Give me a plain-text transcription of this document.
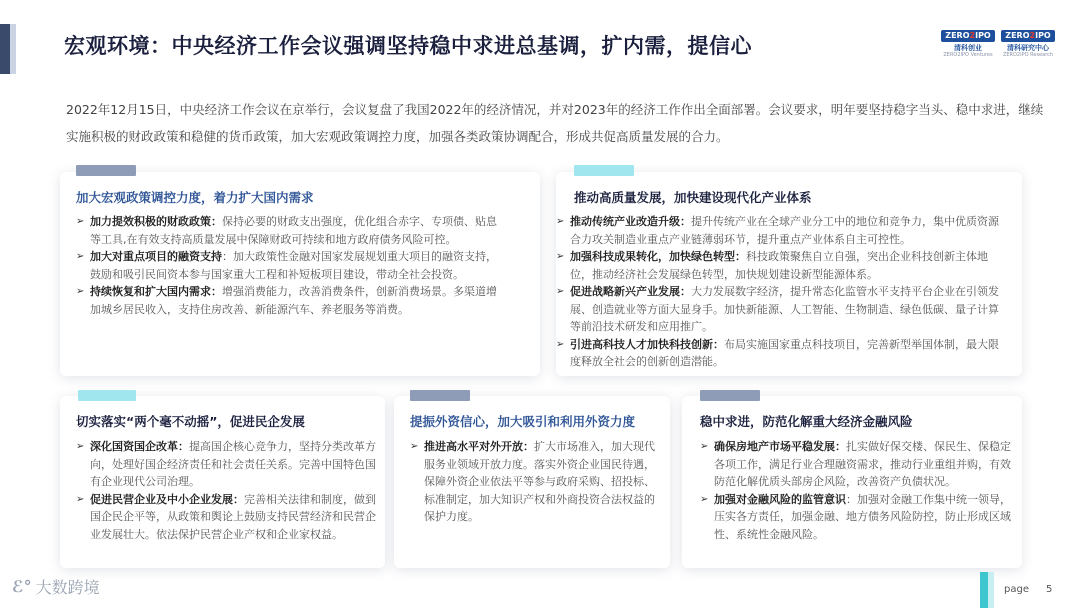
宏观环境：中央经济工作会议强调坚持稳中求进总基调，扩内需，提信心	ZERO2IPO
清科创业
ZERO2IPO Ventures
ZERO2IPO
清科研究中心
ZERO2IPO Research
2022年12月15日，中央经济工作会议在京举行，会议复盘了我国2022年的经济情况，并对2023年的经济工作作出全面部署。会议要求，明年要坚持稳字当头、稳中求进，继续实施积极的财政政策和稳健的货币政策，加大宏观政策调控力度，加强各类政策协调配合，形成共促高质量发展的合力。
加大宏观政策调控力度，着力扩大国内需求
➢ 加力提效积极的财政政策：保持必要的财政支出强度，优化组合赤字、专项债、贴息等工具,在有效支持高质量发展中保障财政可持续和地方政府债务风险可控。
➢ 加大对重点项目的融资支持：加大政策性金融对国家发展规划重大项目的融资支持，鼓励和吸引民间资本参与国家重大工程和补短板项目建设，带动全社会投资。
➢ 持续恢复和扩大国内需求：增强消费能力，改善消费条件，创新消费场景。多渠道增加城乡居民收入，支持住房改善、新能源汽车、养老服务等消费。
推动高质量发展，加快建设现代化产业体系
➢ 推动传统产业改造升级：提升传统产业在全球产业分工中的地位和竞争力，集中优质资源合力攻关制造业重点产业链薄弱环节，提升重点产业体系自主可控性。
➢ 加强科技成果转化，加快绿色转型：科技政策聚焦自立自强，突出企业科技创新主体地位，推动经济社会发展绿色转型，加快规划建设新型能源体系。
➢ 促进战略新兴产业发展：大力发展数字经济，提升常态化监管水平支持平台企业在引领发展、创造就业等方面大显身手。加快新能源、人工智能、生物制造、绿色低碳、量子计算等前沿技术研发和应用推广。
➢ 引进高科技人才加快科技创新：布局实施国家重点科技项目，完善新型举国体制，最大限度释放全社会的创新创造潜能。
切实落实“两个毫不动摇”，促进民企发展
➢ 深化国资国企改革：提高国企核心竞争力，坚持分类改革方向，处理好国企经济责任和社会责任关系。完善中国特色国有企业现代公司治理。
➢ 促进民营企业及中小企业发展：完善相关法律和制度，做到国企民企平等，从政策和舆论上鼓励支持民营经济和民营企业发展壮大。依法保护民营企业产权和企业家权益。
提振外资信心，加大吸引和利用外资力度
➢ 推进高水平对外开放：扩大市场准入，加大现代服务业领域开放力度。落实外资企业国民待遇，保障外资企业依法平等参与政府采购、招投标、标准制定，加大知识产权和外商投资合法权益的保护力度。
稳中求进，防范化解重大经济金融风险
➢ 确保房地产市场平稳发展：扎实做好保交楼、保民生、保稳定各项工作，满足行业合理融资需求，推动行业重组并购，有效防范化解优质头部房企风险，改善资产负债状况。
➢ 加强对金融风险的监管意识：加强对金融工作集中统一领导，压实各方责任，加强金融、地方债务风险防控，防止形成区域性、系统性金融风险。
ℰ° 大数跨境	page 5
